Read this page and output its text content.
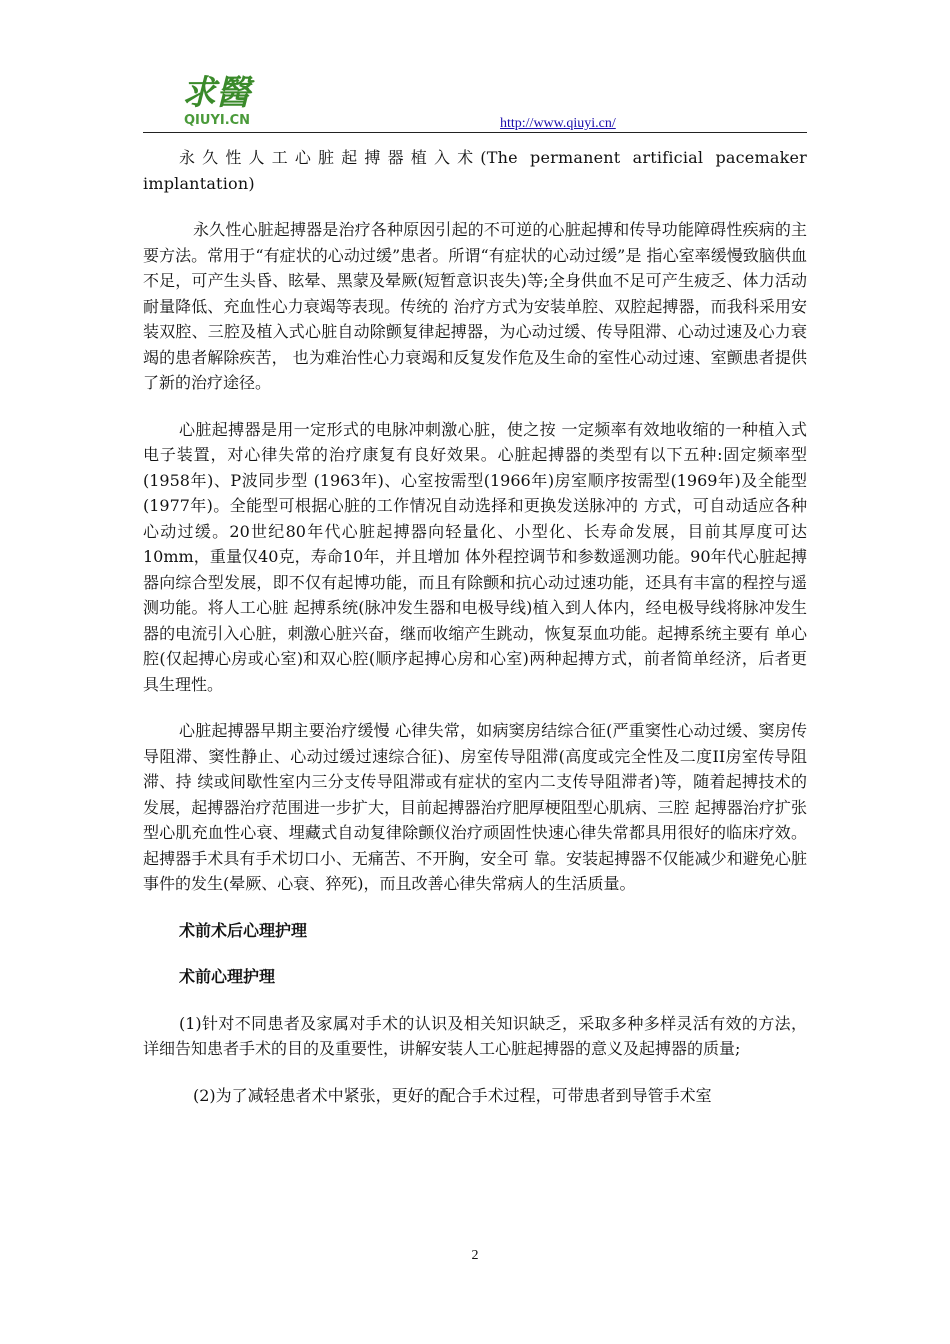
求醫
QIUYI.CN	http://www.qiuyi.cn/

永久性人工心脏起搏器植入术(The permanent artificial pacemaker implantation)

永久性心脏起搏器是治疗各种原因引起的不可逆的心脏起搏和传导功能障碍性疾病的主要方法。常用于“有症状的心动过缓”患者。所谓“有症状的心动过缓”是 指心室率缓慢致脑供血不足，可产生头昏、眩晕、黑蒙及晕厥(短暂意识丧失)等;全身供血不足可产生疲乏、体力活动耐量降低、充血性心力衰竭等表现。传统的 治疗方式为安装单腔、双腔起搏器，而我科采用安装双腔、三腔及植入式心脏自动除颤复律起搏器，为心动过缓、传导阻滞、心动过速及心力衰竭的患者解除疾苦， 也为难治性心力衰竭和反复发作危及生命的室性心动过速、室颤患者提供了新的治疗途径。

心脏起搏器是用一定形式的电脉冲刺激心脏，使之按 一定频率有效地收缩的一种植入式电子装置，对心律失常的治疗康复有良好效果。心脏起搏器的类型有以下五种:固定频率型(1958年)、P波同步型 (1963年)、心室按需型(1966年)房室顺序按需型(1969年)及全能型(1977年)。全能型可根据心脏的工作情况自动选择和更换发送脉冲的 方式，可自动适应各种心动过缓。20世纪80年代心脏起搏器向轻量化、小型化、长寿命发展，目前其厚度可达10mm，重量仅40克，寿命10年，并且增加 体外程控调节和参数遥测功能。90年代心脏起搏器向综合型发展，即不仅有起博功能，而且有除颤和抗心动过速功能，还具有丰富的程控与遥测功能。将人工心脏 起搏系统(脉冲发生器和电极导线)植入到人体内，经电极导线将脉冲发生器的电流引入心脏，刺激心脏兴奋，继而收缩产生跳动，恢复泵血功能。起搏系统主要有 单心腔(仅起搏心房或心室)和双心腔(顺序起搏心房和心室)两种起搏方式，前者简单经济，后者更具生理性。

心脏起搏器早期主要治疗缓慢 心律失常，如病窦房结综合征(严重窦性心动过缓、窦房传导阻滞、窦性静止、心动过缓过速综合征)、房室传导阻滞(高度或完全性及二度II房室传导阻滞、持 续或间歇性室内三分支传导阻滞或有症状的室内二支传导阻滞者)等，随着起搏技术的发展，起搏器治疗范围进一步扩大，目前起搏器治疗肥厚梗阻型心肌病、三腔 起搏器治疗扩张型心肌充血性心衰、埋藏式自动复律除颤仪治疗顽固性快速心律失常都具用很好的临床疗效。起搏器手术具有手术切口小、无痛苦、不开胸，安全可 靠。安装起搏器不仅能减少和避免心脏事件的发生(晕厥、心衰、猝死)，而且改善心律失常病人的生活质量。

术前术后心理护理

术前心理护理

(1)针对不同患者及家属对手术的认识及相关知识缺乏，采取多种多样灵活有效的方法，详细告知患者手术的目的及重要性，讲解安装人工心脏起搏器的意义及起搏器的质量;

(2)为了减轻患者术中紧张，更好的配合手术过程，可带患者到导管手术室

2
